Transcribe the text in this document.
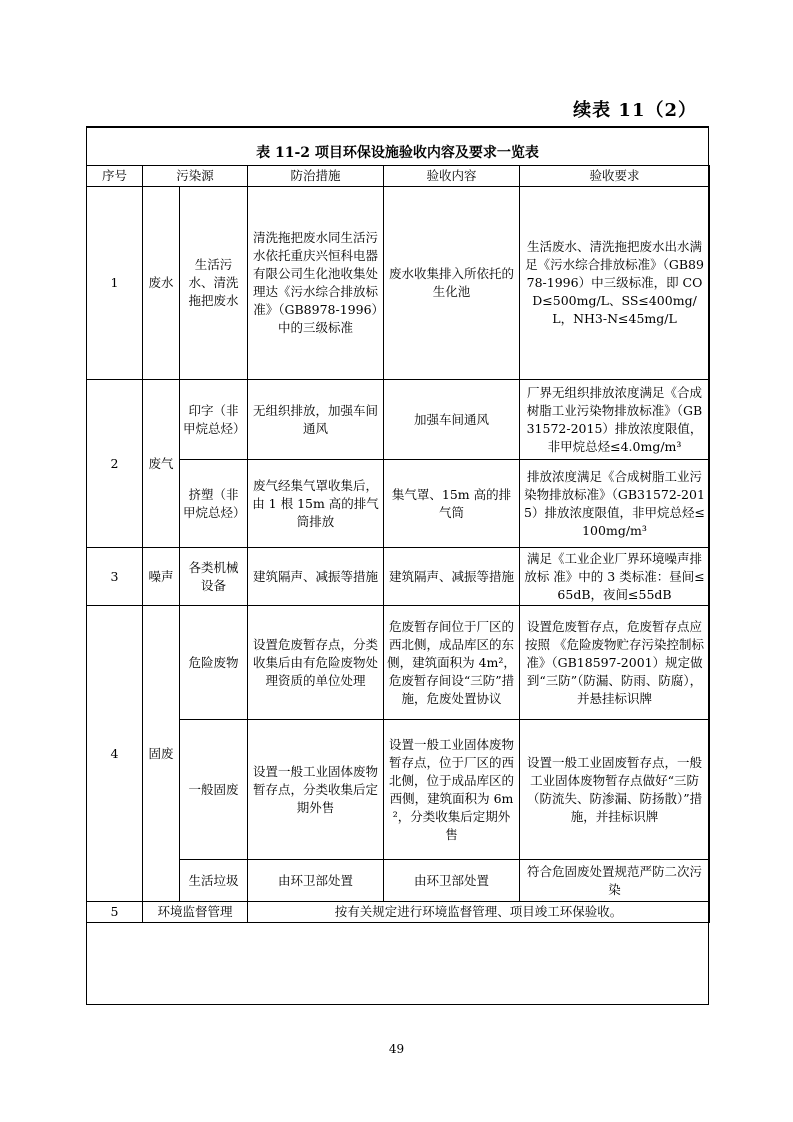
续表 11（2）
表 11-2 项目环保设施验收内容及要求一览表
序号	污染源		防治措施	验收内容	验收要求
1	废水	生活污水、清洗拖把废水	清洗拖把废水同生活污水依托重庆兴恒科电器有限公司生化池收集处理达《污水综合排放标准》（GB8978-1996）中的三级标准	废水收集排入所依托的生化池	生活废水、清洗拖把废水出水满足《污水综合排放标准》（GB8978-1996）中三级标准，即 COD≤500mg/L、SS≤400mg/L，NH3-N≤45mg/L
2	废气	印字（非甲烷总烃）	无组织排放，加强车间通风	加强车间通风	厂界无组织排放浓度满足《合成树脂工业污染物排放标准》（GB31572-2015）排放浓度限值，非甲烷总烃≤4.0mg/m³
		挤塑（非甲烷总烃）	废气经集气罩收集后，由 1 根 15m 高的排气筒排放	集气罩、15m 高的排气筒	排放浓度满足《合成树脂工业污染物排放标准》（GB31572-2015）排放浓度限值，非甲烷总烃≤100mg/m³
3	噪声	各类机械设备	建筑隔声、减振等措施	建筑隔声、减振等措施	满足《工业企业厂界环境噪声排放标 准》中的 3 类标准：昼间≤65dB，夜间≤55dB
4	固废	危险废物	设置危废暂存点，分类收集后由有危险废物处理资质的单位处理	危废暂存间位于厂区的西北侧，成品库区的东侧，建筑面积为 4m²，危废暂存间设“三防”措施，危废处置协议	设置危废暂存点，危废暂存点应按照 《危险废物贮存污染控制标准》（GB18597-2001）规定做到“三防”（防漏、防雨、防腐），并悬挂标识牌
		一般固废	设置一般工业固体废物暂存点，分类收集后定期外售	设置一般工业固体废物暂存点，位于厂区的西北侧，位于成品库区的西侧，建筑面积为 6m²，分类收集后定期外售	设置一般工业固废暂存点，一般工业固体废物暂存点做好“三防（防流失、防渗漏、防扬散）”措施，并挂标识牌
		生活垃圾	由环卫部处置	由环卫部处置	符合危固废处置规范严防二次污染
5	环境监督管理		按有关规定进行环境监督管理、项目竣工环保验收。		
49
